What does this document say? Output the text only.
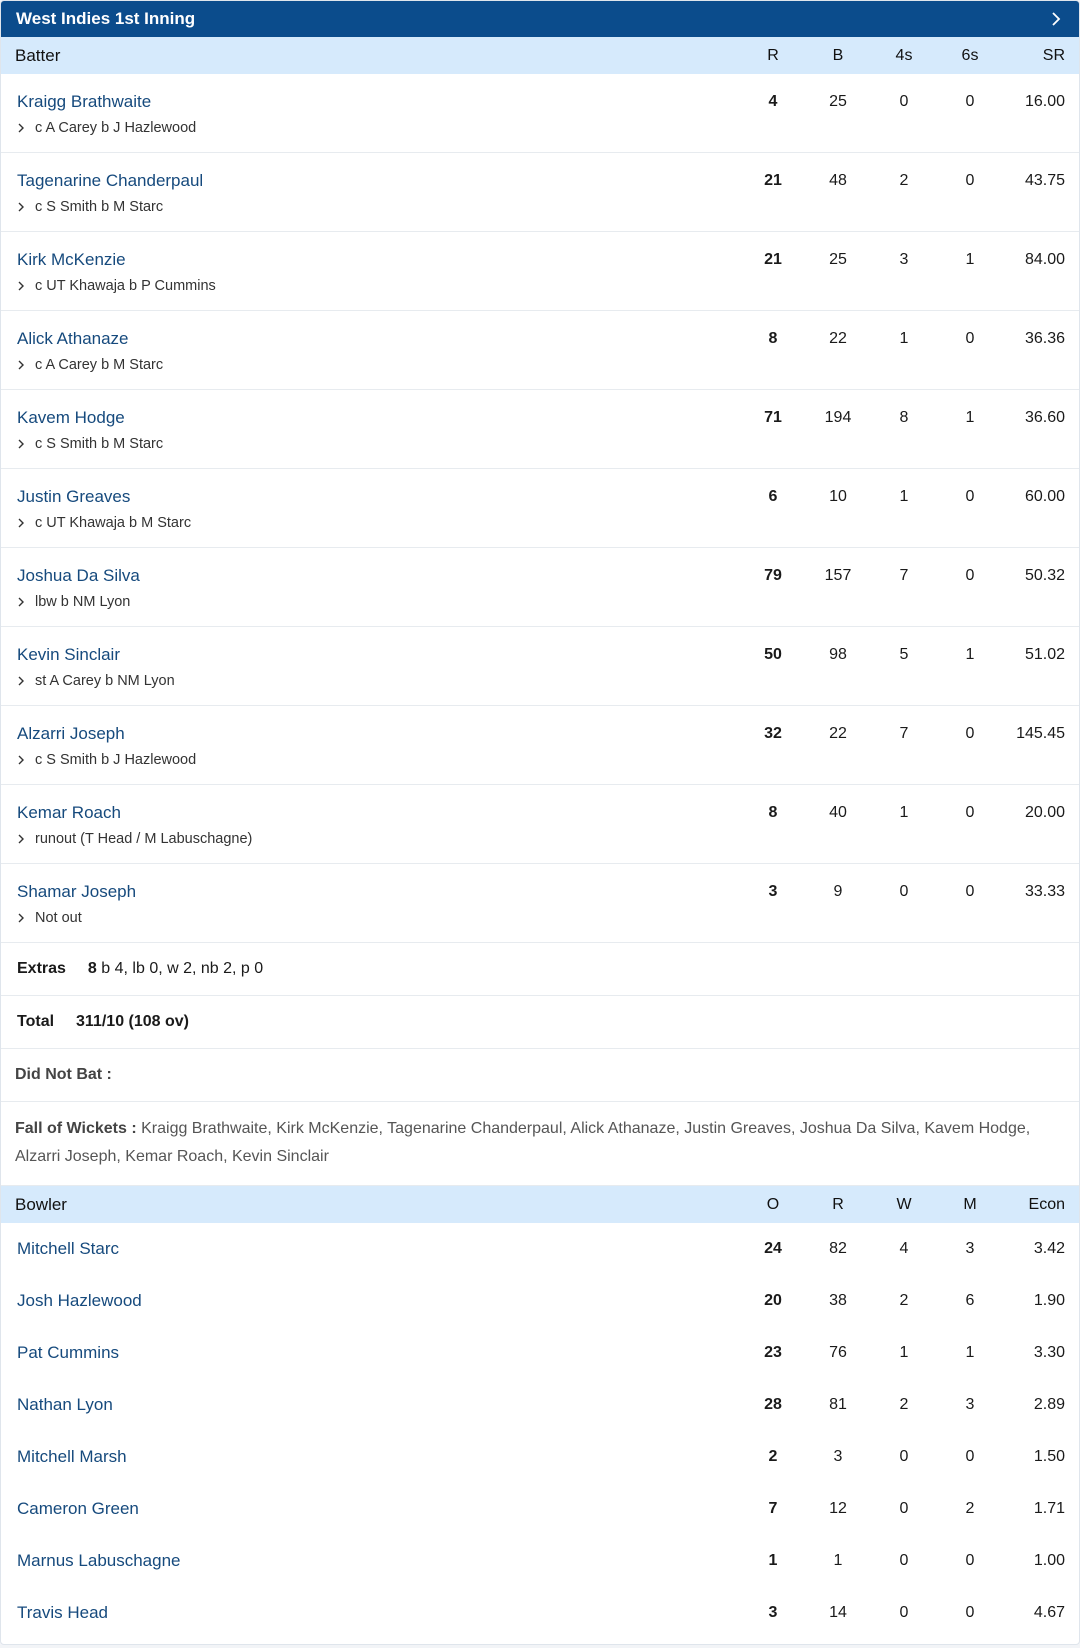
West Indies 1st Inning
Batter	R	B	4s	6s	SR
Kraigg Brathwaite
c A Carey b J Hazlewood
4	25	0	0	16.00
Tagenarine Chanderpaul
c S Smith b M Starc
21	48	2	0	43.75
Kirk McKenzie
c UT Khawaja b P Cummins
21	25	3	1	84.00
Alick Athanaze
c A Carey b M Starc
8	22	1	0	36.36
Kavem Hodge
c S Smith b M Starc
71	194	8	1	36.60
Justin Greaves
c UT Khawaja b M Starc
6	10	1	0	60.00
Joshua Da Silva
lbw b NM Lyon
79	157	7	0	50.32
Kevin Sinclair
st A Carey b NM Lyon
50	98	5	1	51.02
Alzarri Joseph
c S Smith b J Hazlewood
32	22	7	0	145.45
Kemar Roach
runout (T Head / M Labuschagne)
8	40	1	0	20.00
Shamar Joseph
Not out
3	9	0	0	33.33
Extras 8 b 4, lb 0, w 2, nb 2, p 0
Total 311/10 (108 ov)
Did Not Bat :
Fall of Wickets : Kraigg Brathwaite, Kirk McKenzie, Tagenarine Chanderpaul, Alick Athanaze, Justin Greaves, Joshua Da Silva, Kavem Hodge, Alzarri Joseph, Kemar Roach, Kevin Sinclair
Bowler	O	R	W	M	Econ
Mitchell Starc	24	82	4	3	3.42
Josh Hazlewood	20	38	2	6	1.90
Pat Cummins	23	76	1	1	3.30
Nathan Lyon	28	81	2	3	2.89
Mitchell Marsh	2	3	0	0	1.50
Cameron Green	7	12	0	2	1.71
Marnus Labuschagne	1	1	0	0	1.00
Travis Head	3	14	0	0	4.67
